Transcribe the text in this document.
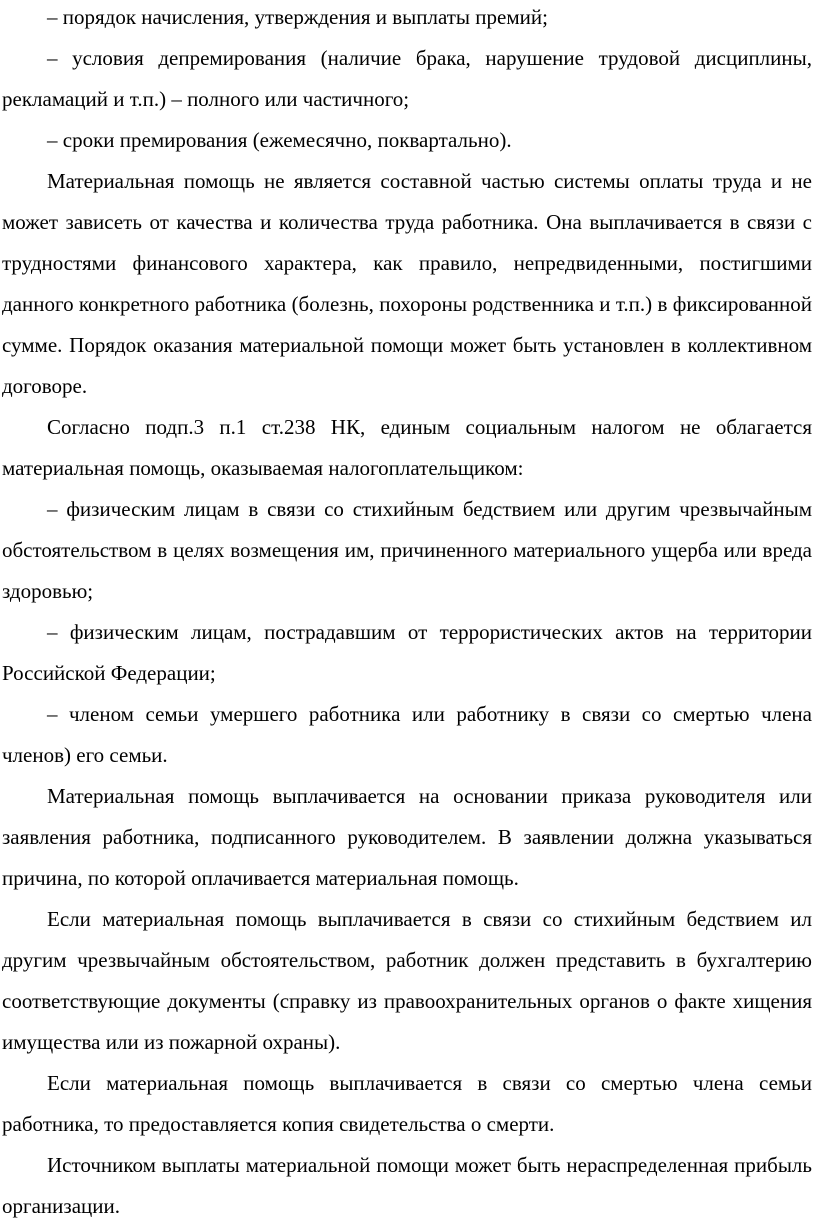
– порядок начисления, утверждения и выплаты премий;

– условия депремирования (наличие брака, нарушение трудовой дисциплины, рекламаций и т.п.) – полного или частичного;

– сроки премирования (ежемесячно, поквартально).

Материальная помощь не является составной частью системы оплаты труда и не может зависеть от качества и количества труда работника. Она выплачивается в связи с трудностями финансового характера, как правило, непредвиденными, постигшими данного конкретного работника (болезнь, похороны родственника и т.п.) в фиксированной сумме. Порядок оказания материальной помощи может быть установлен в коллективном договоре.

Согласно подп.3 п.1 ст.238 НК, единым социальным налогом не облагается материальная помощь, оказываемая налогоплательщиком:

– физическим лицам в связи со стихийным бедствием или другим чрезвычайным обстоятельством в целях возмещения им, причиненного материального ущерба или вреда здоровью;

– физическим лицам, пострадавшим от террористических актов на территории Российской Федерации;

– членом семьи умершего работника или работнику в связи со смертью члена членов) его семьи.

Материальная помощь выплачивается на основании приказа руководителя или заявления работника, подписанного руководителем. В заявлении должна указываться причина, по которой оплачивается материальная помощь.

Если материальная помощь выплачивается в связи со стихийным бедствием ил другим чрезвычайным обстоятельством, работник должен представить в бухгалтерию соответствующие документы (справку из правоохранительных органов о факте хищения имущества или из пожарной охраны).

Если материальная помощь выплачивается в связи со смертью члена семьи работника, то предоставляется копия свидетельства о смерти.

Источником выплаты материальной помощи может быть нераспределенная прибыль организации.
